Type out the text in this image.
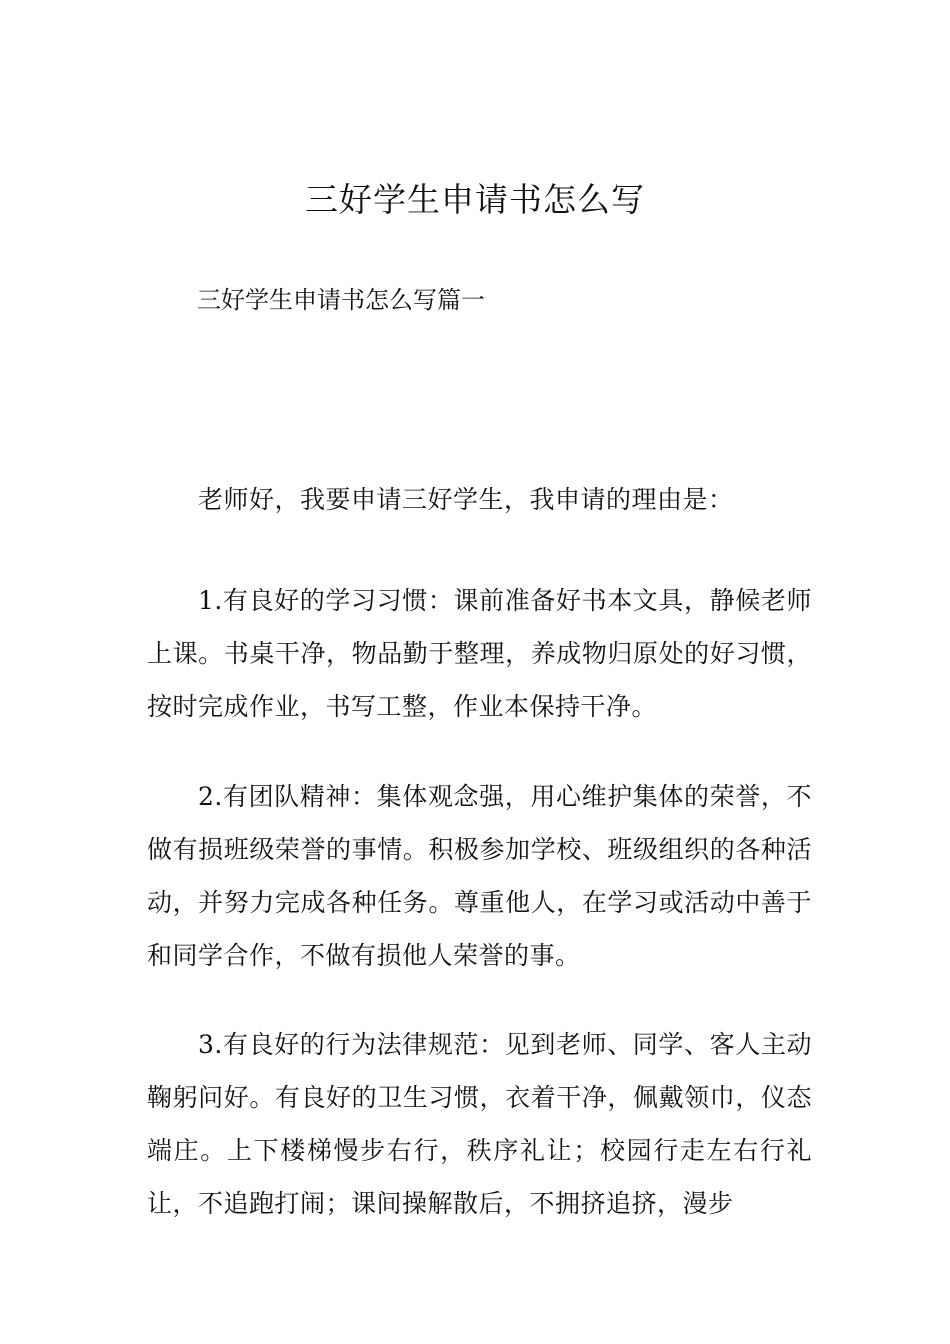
三好学生申请书怎么写

三好学生申请书怎么写篇一

老师好，我要申请三好学生，我申请的理由是：

1.有良好的学习习惯：课前准备好书本文具，静候老师上课。书桌干净，物品勤于整理，养成物归原处的好习惯，按时完成作业，书写工整，作业本保持干净。

2.有团队精神：集体观念强，用心维护集体的荣誉，不做有损班级荣誉的事情。积极参加学校、班级组织的各种活动，并努力完成各种任务。尊重他人，在学习或活动中善于和同学合作，不做有损他人荣誉的事。

3.有良好的行为法律规范：见到老师、同学、客人主动鞠躬问好。有良好的卫生习惯，衣着干净，佩戴领巾，仪态端庄。上下楼梯慢步右行，秩序礼让；校园行走左右行礼让，不追跑打闹；课间操解散后，不拥挤追挤，漫步
